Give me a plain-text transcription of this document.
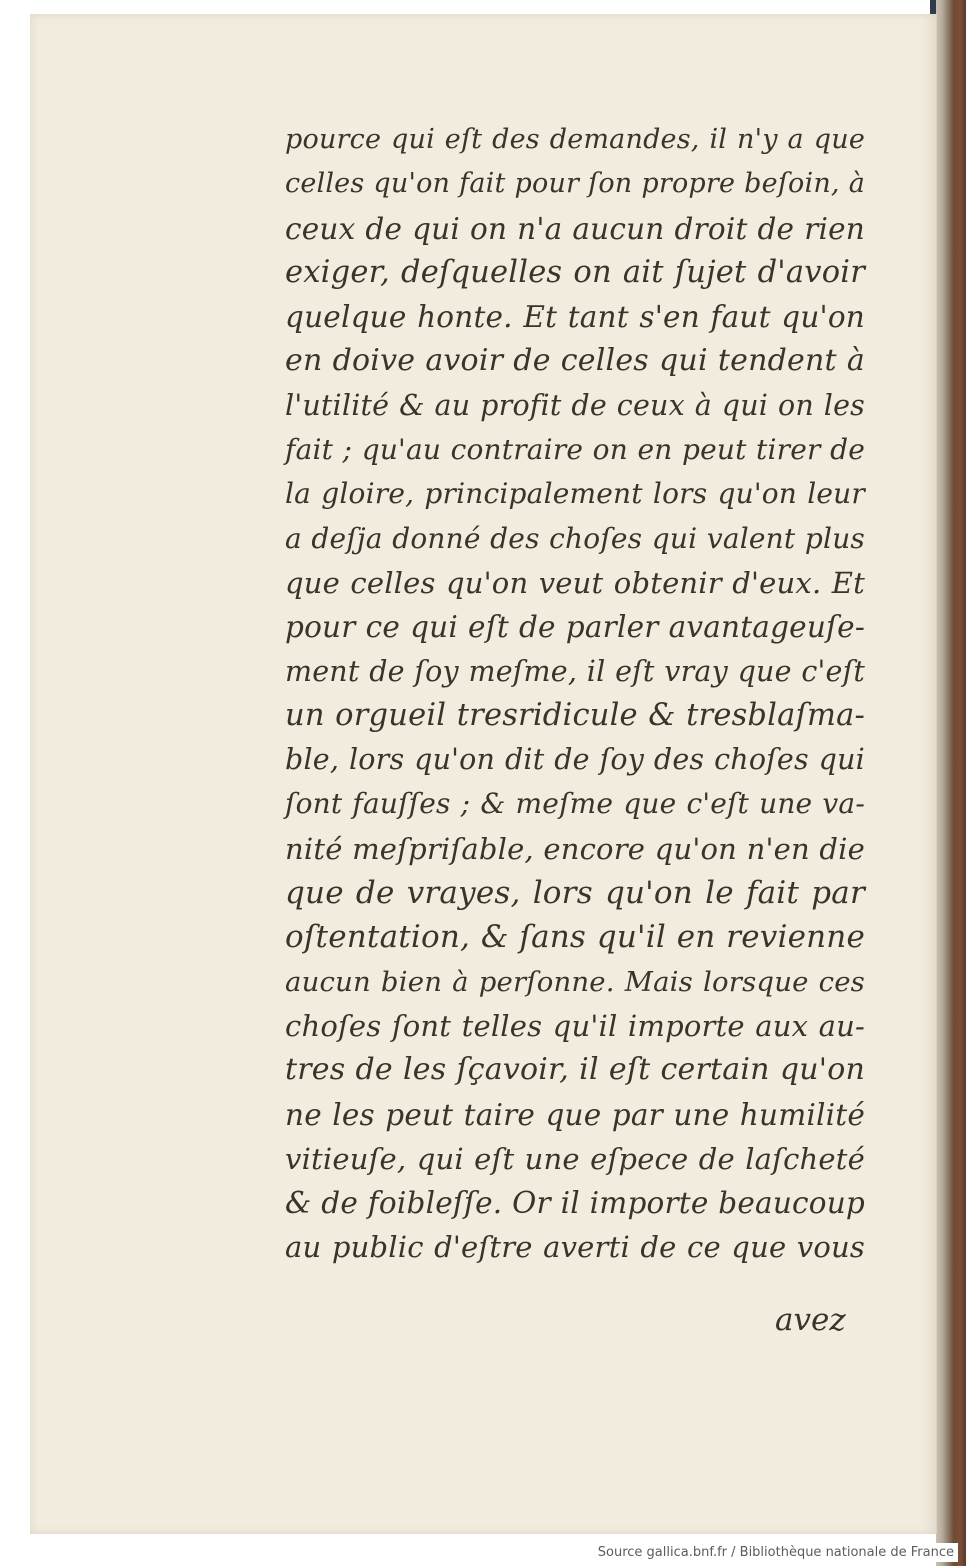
pource qui eſt des demandes, il n'y a que
celles qu'on fait pour ſon propre beſoin, à
ceux de qui on n'a aucun droit de rien
exiger, deſquelles on ait ſujet d'avoir
quelque honte. Et tant s'en faut qu'on
en doive avoir de celles qui tendent à
l'utilité & au profit de ceux à qui on les
fait ; qu'au contraire on en peut tirer de
la gloire, principalement lors qu'on leur
a deſja donné des choſes qui valent plus
que celles qu'on veut obtenir d'eux. Et
pour ce qui eſt de parler avantageuſe-
ment de ſoy meſme, il eſt vray que c'eſt
un orgueil tresridicule & tresblaſma-
ble, lors qu'on dit de ſoy des choſes qui
ſont fauſſes ; & meſme que c'eſt une va-
nité meſpriſable, encore qu'on n'en die
que de vrayes, lors qu'on le fait par
oſtentation, & ſans qu'il en revienne
aucun bien à perſonne. Mais lorsque ces
choſes ſont telles qu'il importe aux au-
tres de les ſçavoir, il eſt certain qu'on
ne les peut taire que par une humilité
vitieuſe, qui eſt une eſpece de laſcheté
& de foibleſſe. Or il importe beaucoup
au public d'eſtre averti de ce que vous
avez
Source gallica.bnf.fr / Bibliothèque nationale de France
